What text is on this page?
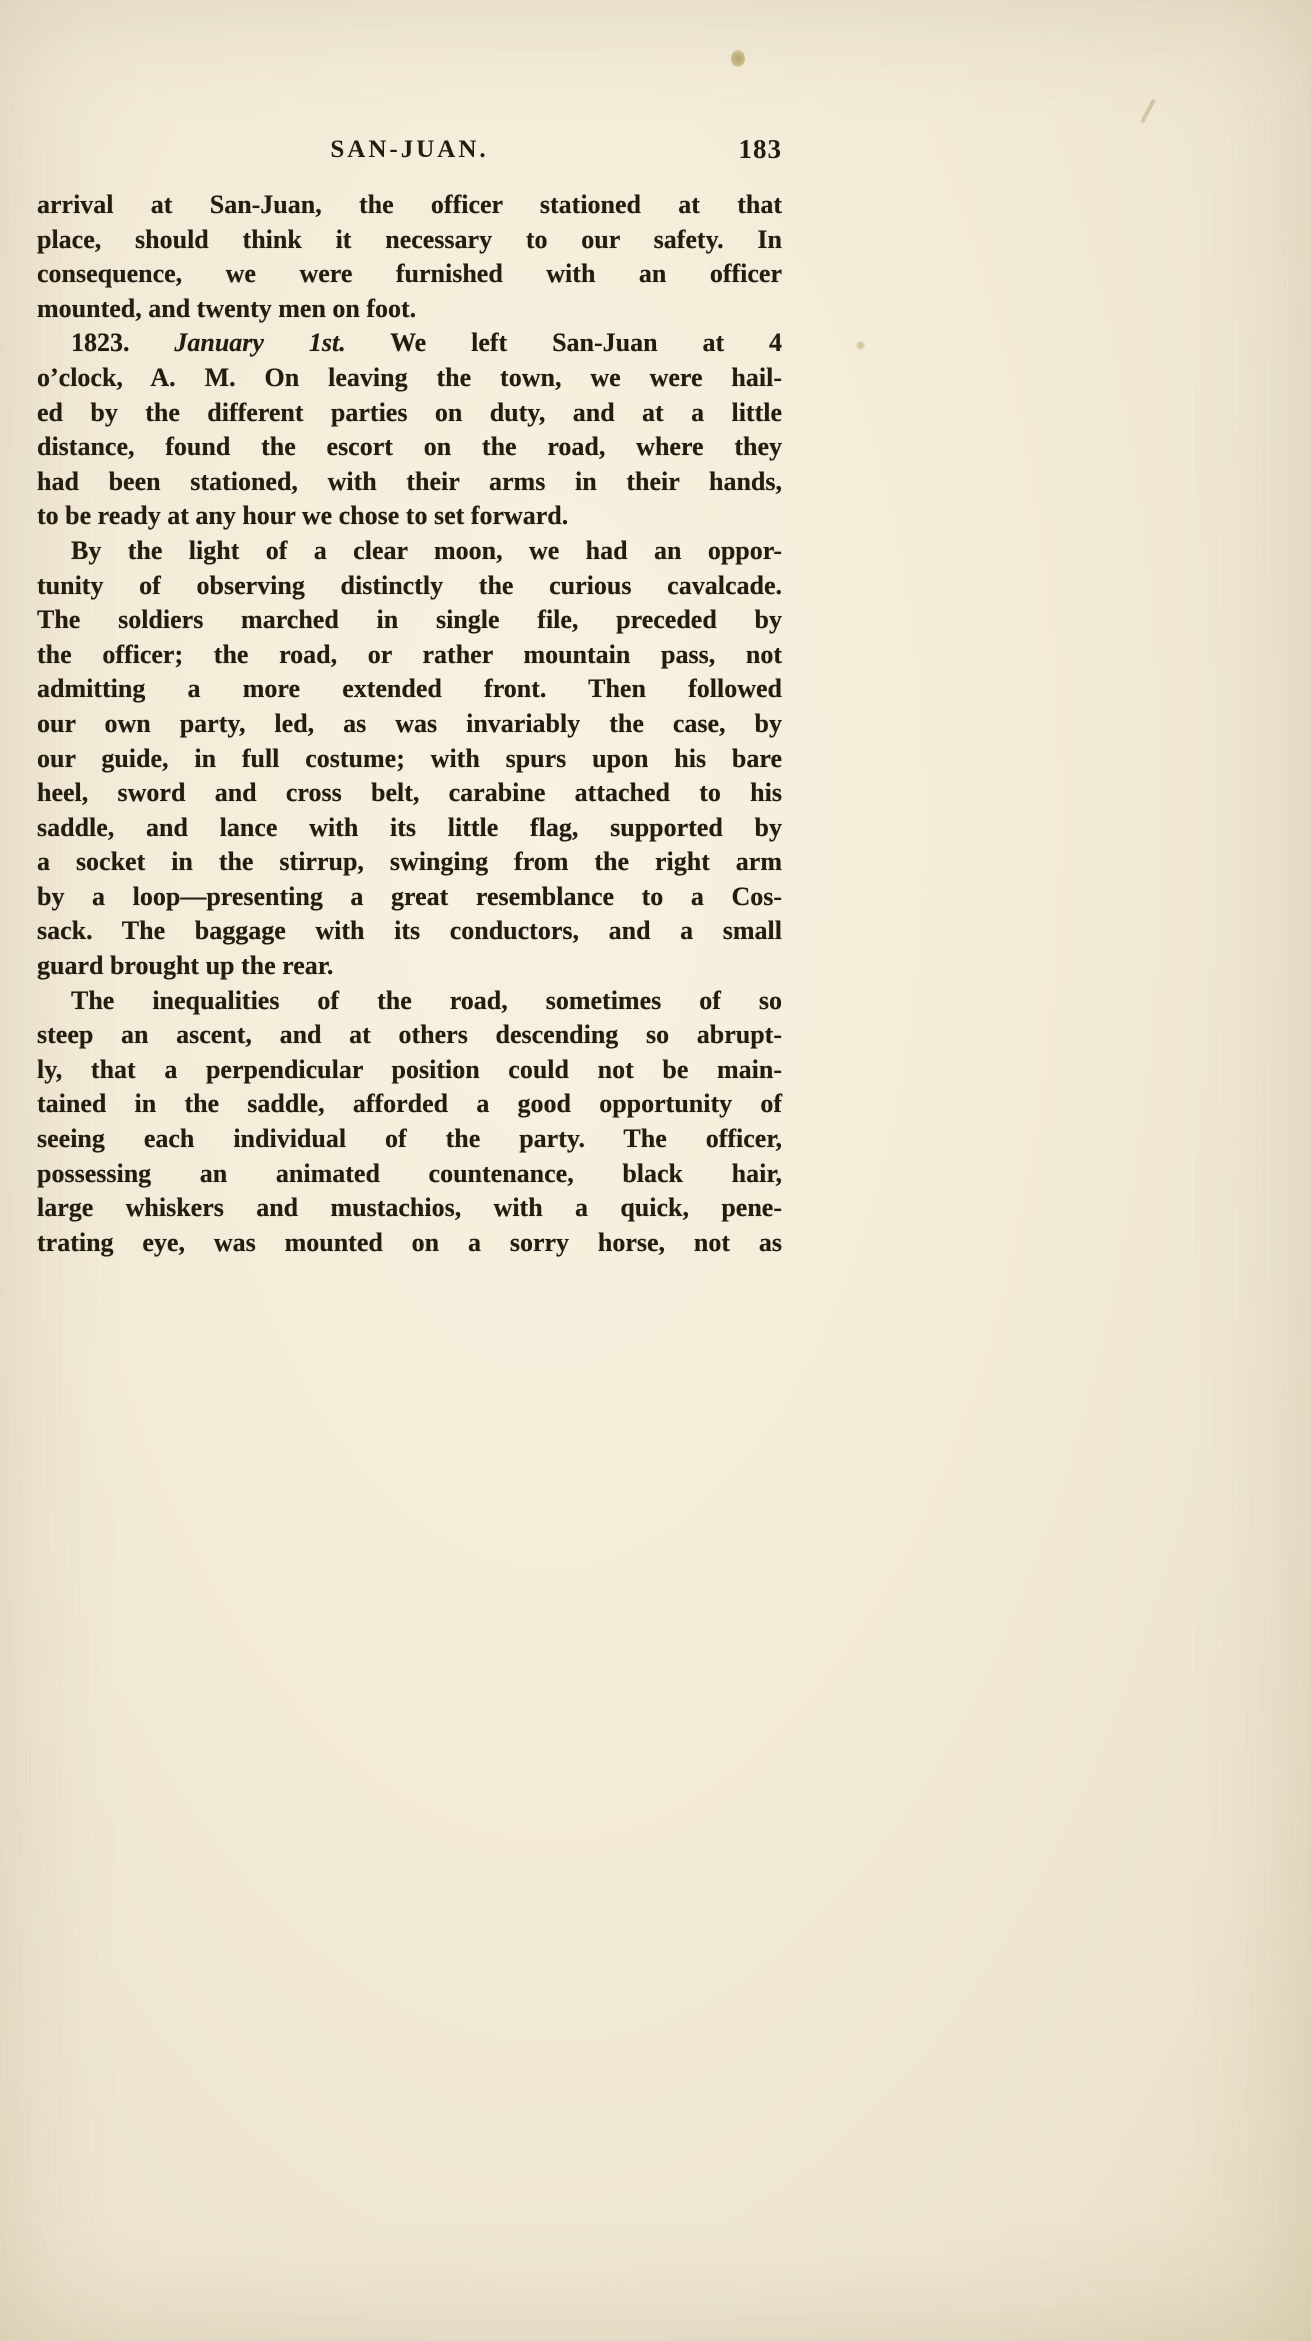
SAN-JUAN.	183
arrival at San-Juan, the officer stationed at that
place, should think it necessary to our safety. In
consequence, we were furnished with an officer
mounted, and twenty men on foot.
1823. January 1st. We left San-Juan at 4
o’clock, A. M. On leaving the town, we were hail-
ed by the different parties on duty, and at a little
distance, found the escort on the road, where they
had been stationed, with their arms in their hands,
to be ready at any hour we chose to set forward.
By the light of a clear moon, we had an oppor-
tunity of observing distinctly the curious cavalcade.
The soldiers marched in single file, preceded by
the officer; the road, or rather mountain pass, not
admitting a more extended front. Then followed
our own party, led, as was invariably the case, by
our guide, in full costume; with spurs upon his bare
heel, sword and cross belt, carabine attached to his
saddle, and lance with its little flag, supported by
a socket in the stirrup, swinging from the right arm
by a loop—presenting a great resemblance to a Cos-
sack. The baggage with its conductors, and a small
guard brought up the rear.
The inequalities of the road, sometimes of so
steep an ascent, and at others descending so abrupt-
ly, that a perpendicular position could not be main-
tained in the saddle, afforded a good opportunity of
seeing each individual of the party. The officer,
possessing an animated countenance, black hair,
large whiskers and mustachios, with a quick, pene-
trating eye, was mounted on a sorry horse, not as
